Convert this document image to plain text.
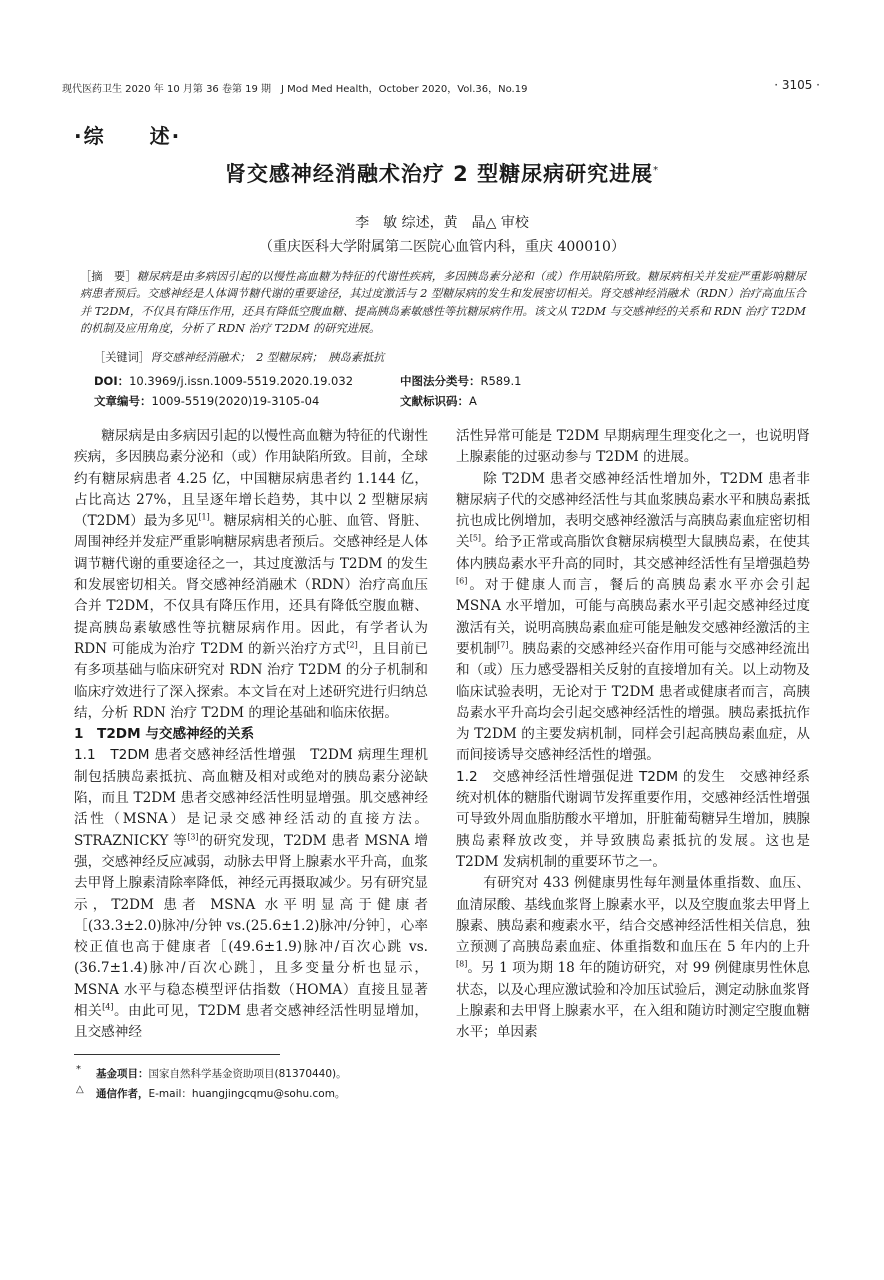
现代医药卫生 2020 年 10 月第 36 卷第 19 期　J Mod Med Health，October 2020，Vol.36，No.19	· 3105 ·
·综　　述·
肾交感神经消融术治疗 2 型糖尿病研究进展*
李　敏 综述，黄　晶△ 审校
（重庆医科大学附属第二医院心血管内科，重庆 400010）
［摘　要］糖尿病是由多病因引起的以慢性高血糖为特征的代谢性疾病，多因胰岛素分泌和（或）作用缺陷所致。糖尿病相关并发症严重影响糖尿病患者预后。交感神经是人体调节糖代谢的重要途径，其过度激活与 2 型糖尿病的发生和发展密切相关。肾交感神经消融术（RDN）治疗高血压合并 T2DM，不仅具有降压作用，还具有降低空腹血糖、提高胰岛素敏感性等抗糖尿病作用。该文从 T2DM 与交感神经的关系和 RDN 治疗 T2DM 的机制及应用角度，分析了 RDN 治疗 T2DM 的研究进展。
［关键词］肾交感神经消融术；　2 型糖尿病；　胰岛素抵抗
DOI：10.3969/j.issn.1009-5519.2020.19.032	中图法分类号：R589.1
文章编号：1009-5519(2020)19-3105-04	文献标识码：A

糖尿病是由多病因引起的以慢性高血糖为特征的代谢性疾病，多因胰岛素分泌和（或）作用缺陷所致。目前，全球约有糖尿病患者 4.25 亿，中国糖尿病患者约 1.144 亿，占比高达 27%，且呈逐年增长趋势，其中以 2 型糖尿病（T2DM）最为多见[1]。糖尿病相关的心脏、血管、肾脏、周围神经并发症严重影响糖尿病患者预后。交感神经是人体调节糖代谢的重要途径之一，其过度激活与 T2DM 的发生和发展密切相关。肾交感神经消融术（RDN）治疗高血压合并 T2DM，不仅具有降压作用，还具有降低空腹血糖、提高胰岛素敏感性等抗糖尿病作用。因此，有学者认为 RDN 可能成为治疗 T2DM 的新兴治疗方式[2]，且目前已有多项基础与临床研究对 RDN 治疗 T2DM 的分子机制和临床疗效进行了深入探索。本文旨在对上述研究进行归纳总结，分析 RDN 治疗 T2DM 的理论基础和临床依据。

1　T2DM 与交感神经的关系

1.1　T2DM 患者交感神经活性增强　T2DM 病理生理机制包括胰岛素抵抗、高血糖及相对或绝对的胰岛素分泌缺陷，而且 T2DM 患者交感神经活性明显增强。肌交感神经活性（MSNA）是记录交感神经活动的直接方法。STRAZNICKY 等[3]的研究发现，T2DM 患者 MSNA 增强，交感神经反应减弱，动脉去甲肾上腺素水平升高，血浆去甲肾上腺素清除率降低，神经元再摄取减少。另有研究显示，T2DM 患者 MSNA 水平明显高于健康者［(33.3±2.0)脉冲/分钟 vs.(25.6±1.2)脉冲/分钟］，心率校正值也高于健康者［(49.6±1.9)脉冲/百次心跳 vs.(36.7±1.4)脉冲/百次心跳］，且多变量分析也显示，MSNA 水平与稳态模型评估指数（HOMA）直接且显著相关[4]。由此可见，T2DM 患者交感神经活性明显增加，且交感神经

活性异常可能是 T2DM 早期病理生理变化之一，也说明肾上腺素能的过驱动参与 T2DM 的进展。

除 T2DM 患者交感神经活性增加外，T2DM 患者非糖尿病子代的交感神经活性与其血浆胰岛素水平和胰岛素抵抗也成比例增加，表明交感神经激活与高胰岛素血症密切相关[5]。给予正常或高脂饮食糖尿病模型大鼠胰岛素，在使其体内胰岛素水平升高的同时，其交感神经活性有呈增强趋势[6]。对于健康人而言，餐后的高胰岛素水平亦会引起 MSNA 水平增加，可能与高胰岛素水平引起交感神经过度激活有关，说明高胰岛素血症可能是触发交感神经激活的主要机制[7]。胰岛素的交感神经兴奋作用可能与交感神经流出和（或）压力感受器相关反射的直接增加有关。以上动物及临床试验表明，无论对于 T2DM 患者或健康者而言，高胰岛素水平升高均会引起交感神经活性的增强。胰岛素抵抗作为 T2DM 的主要发病机制，同样会引起高胰岛素血症，从而间接诱导交感神经活性的增强。

1.2　交感神经活性增强促进 T2DM 的发生　交感神经系统对机体的糖脂代谢调节发挥重要作用，交感神经活性增强可导致外周血脂肪酸水平增加，肝脏葡萄糖异生增加，胰腺胰岛素释放改变，并导致胰岛素抵抗的发展。这也是 T2DM 发病机制的重要环节之一。

有研究对 433 例健康男性每年测量体重指数、血压、血清尿酸、基线血浆肾上腺素水平，以及空腹血浆去甲肾上腺素、胰岛素和瘦素水平，结合交感神经活性相关信息，独立预测了高胰岛素血症、体重指数和血压在 5 年内的上升[8]。另 1 项为期 18 年的随访研究，对 99 例健康男性休息状态，以及心理应激试验和冷加压试验后，测定动脉血浆肾上腺素和去甲肾上腺素水平，在入组和随访时测定空腹血糖水平；单因素

* 基金项目：国家自然科学基金资助项目(81370440)。
△ 通信作者，E-mail：huangjingcqmu@sohu.com。
